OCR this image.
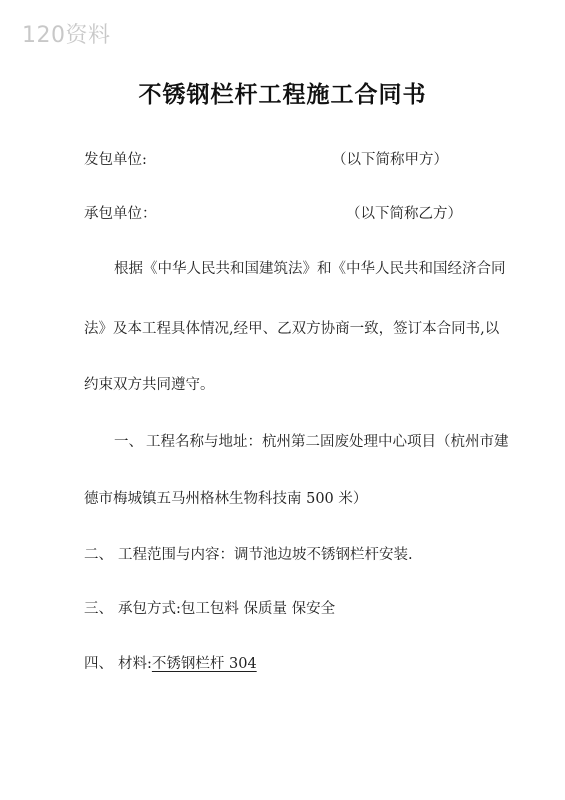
120资料
不锈钢栏杆工程施工合同书
发包单位:	（以下简称甲方）
承包单位：	（以下简称乙方）
根据《中华人民共和国建筑法》和《中华人民共和国经济合同
法》及本工程具体情况,经甲、乙双方协商一致，签订本合同书,以
约束双方共同遵守。
一、 工程名称与地址：杭州第二固废处理中心项目（杭州市建
德市梅城镇五马州格林生物科技南 500 米）
二、 工程范围与内容：调节池边坡不锈钢栏杆安装.
三、 承包方式:包工包料 保质量 保安全
四、 材料:不锈钢栏杆 304
